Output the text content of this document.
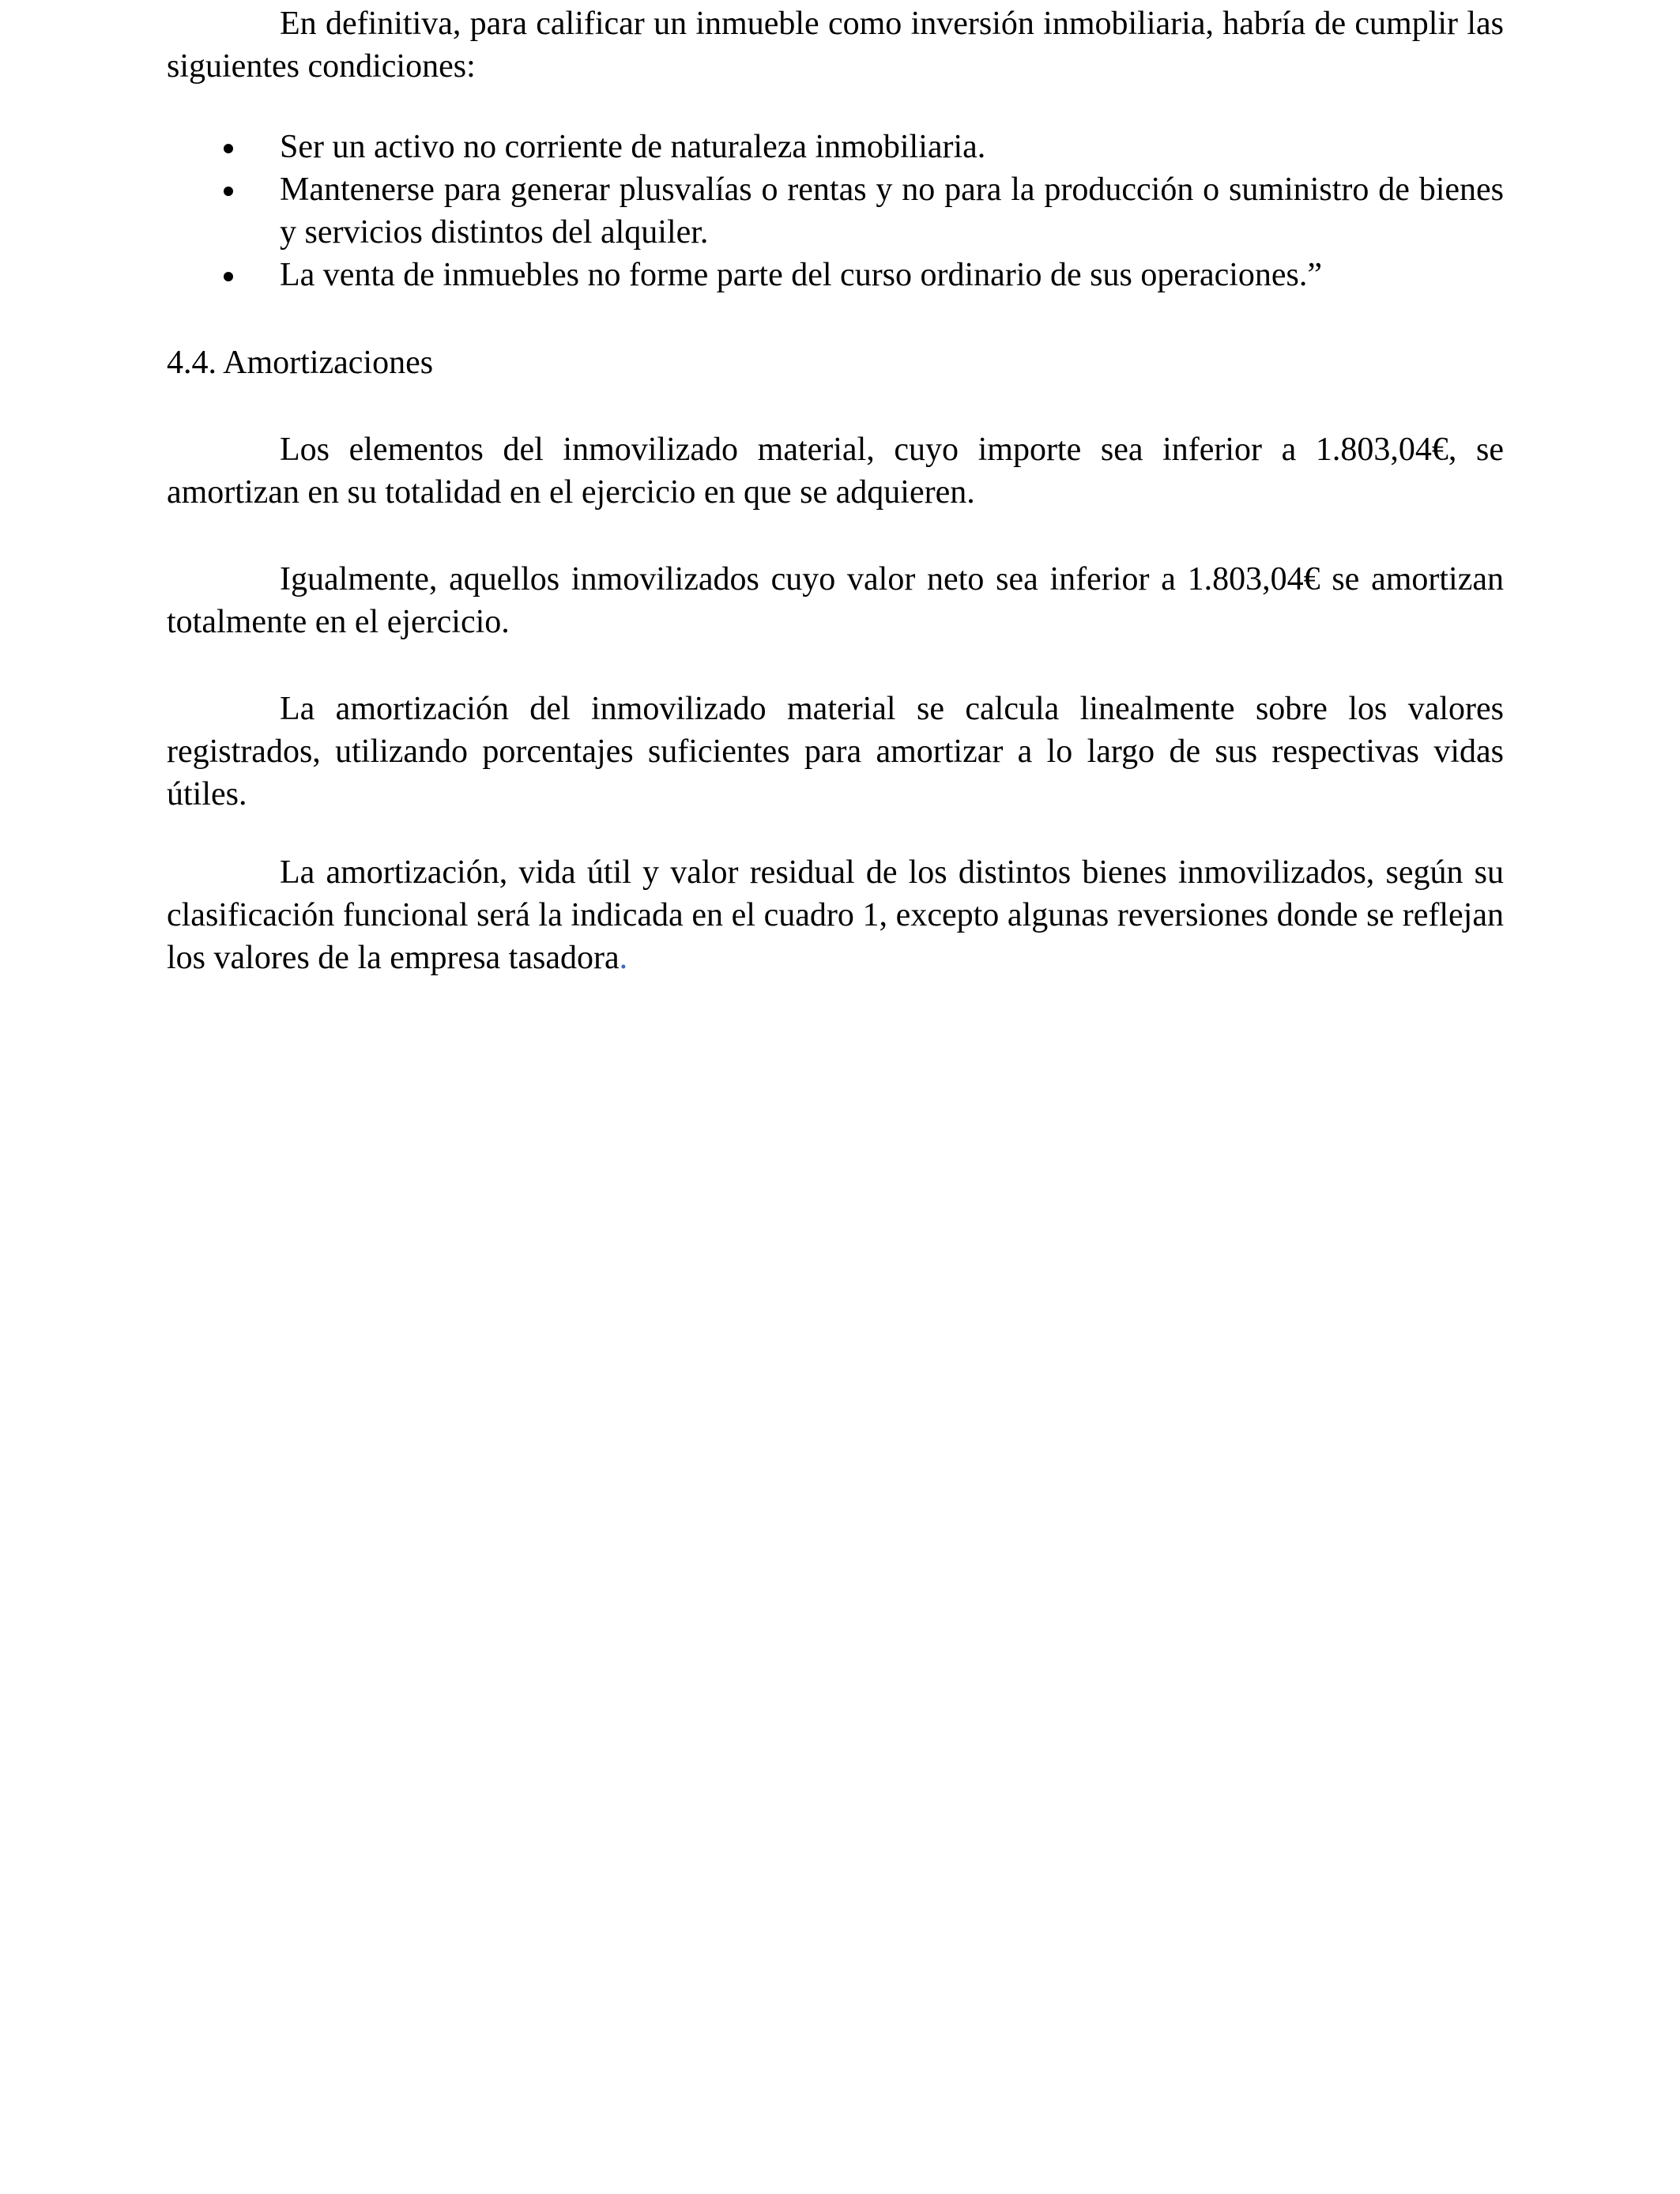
En definitiva, para calificar un inmueble como inversión inmobiliaria, habría de cumplir las siguientes condiciones:

Ser un activo no corriente de naturaleza inmobiliaria.
Mantenerse para generar plusvalías o rentas y no para la producción o suministro de bienes y servicios distintos del alquiler.
La venta de inmuebles no forme parte del curso ordinario de sus operaciones.”
4.4. Amortizaciones

Los elementos del inmovilizado material, cuyo importe sea inferior a 1.803,04€, se amortizan en su totalidad en el ejercicio en que se adquieren.

Igualmente, aquellos inmovilizados cuyo valor neto sea inferior a 1.803,04€ se amortizan totalmente en el ejercicio.

La amortización del inmovilizado material se calcula linealmente sobre los valores registrados, utilizando porcentajes suficientes para amortizar a lo largo de sus respectivas vidas útiles.

La amortización, vida útil y valor residual de los distintos bienes inmovilizados, según su clasificación funcional será la indicada en el cuadro 1, excepto algunas reversiones donde se reflejan los valores de la empresa tasadora.
